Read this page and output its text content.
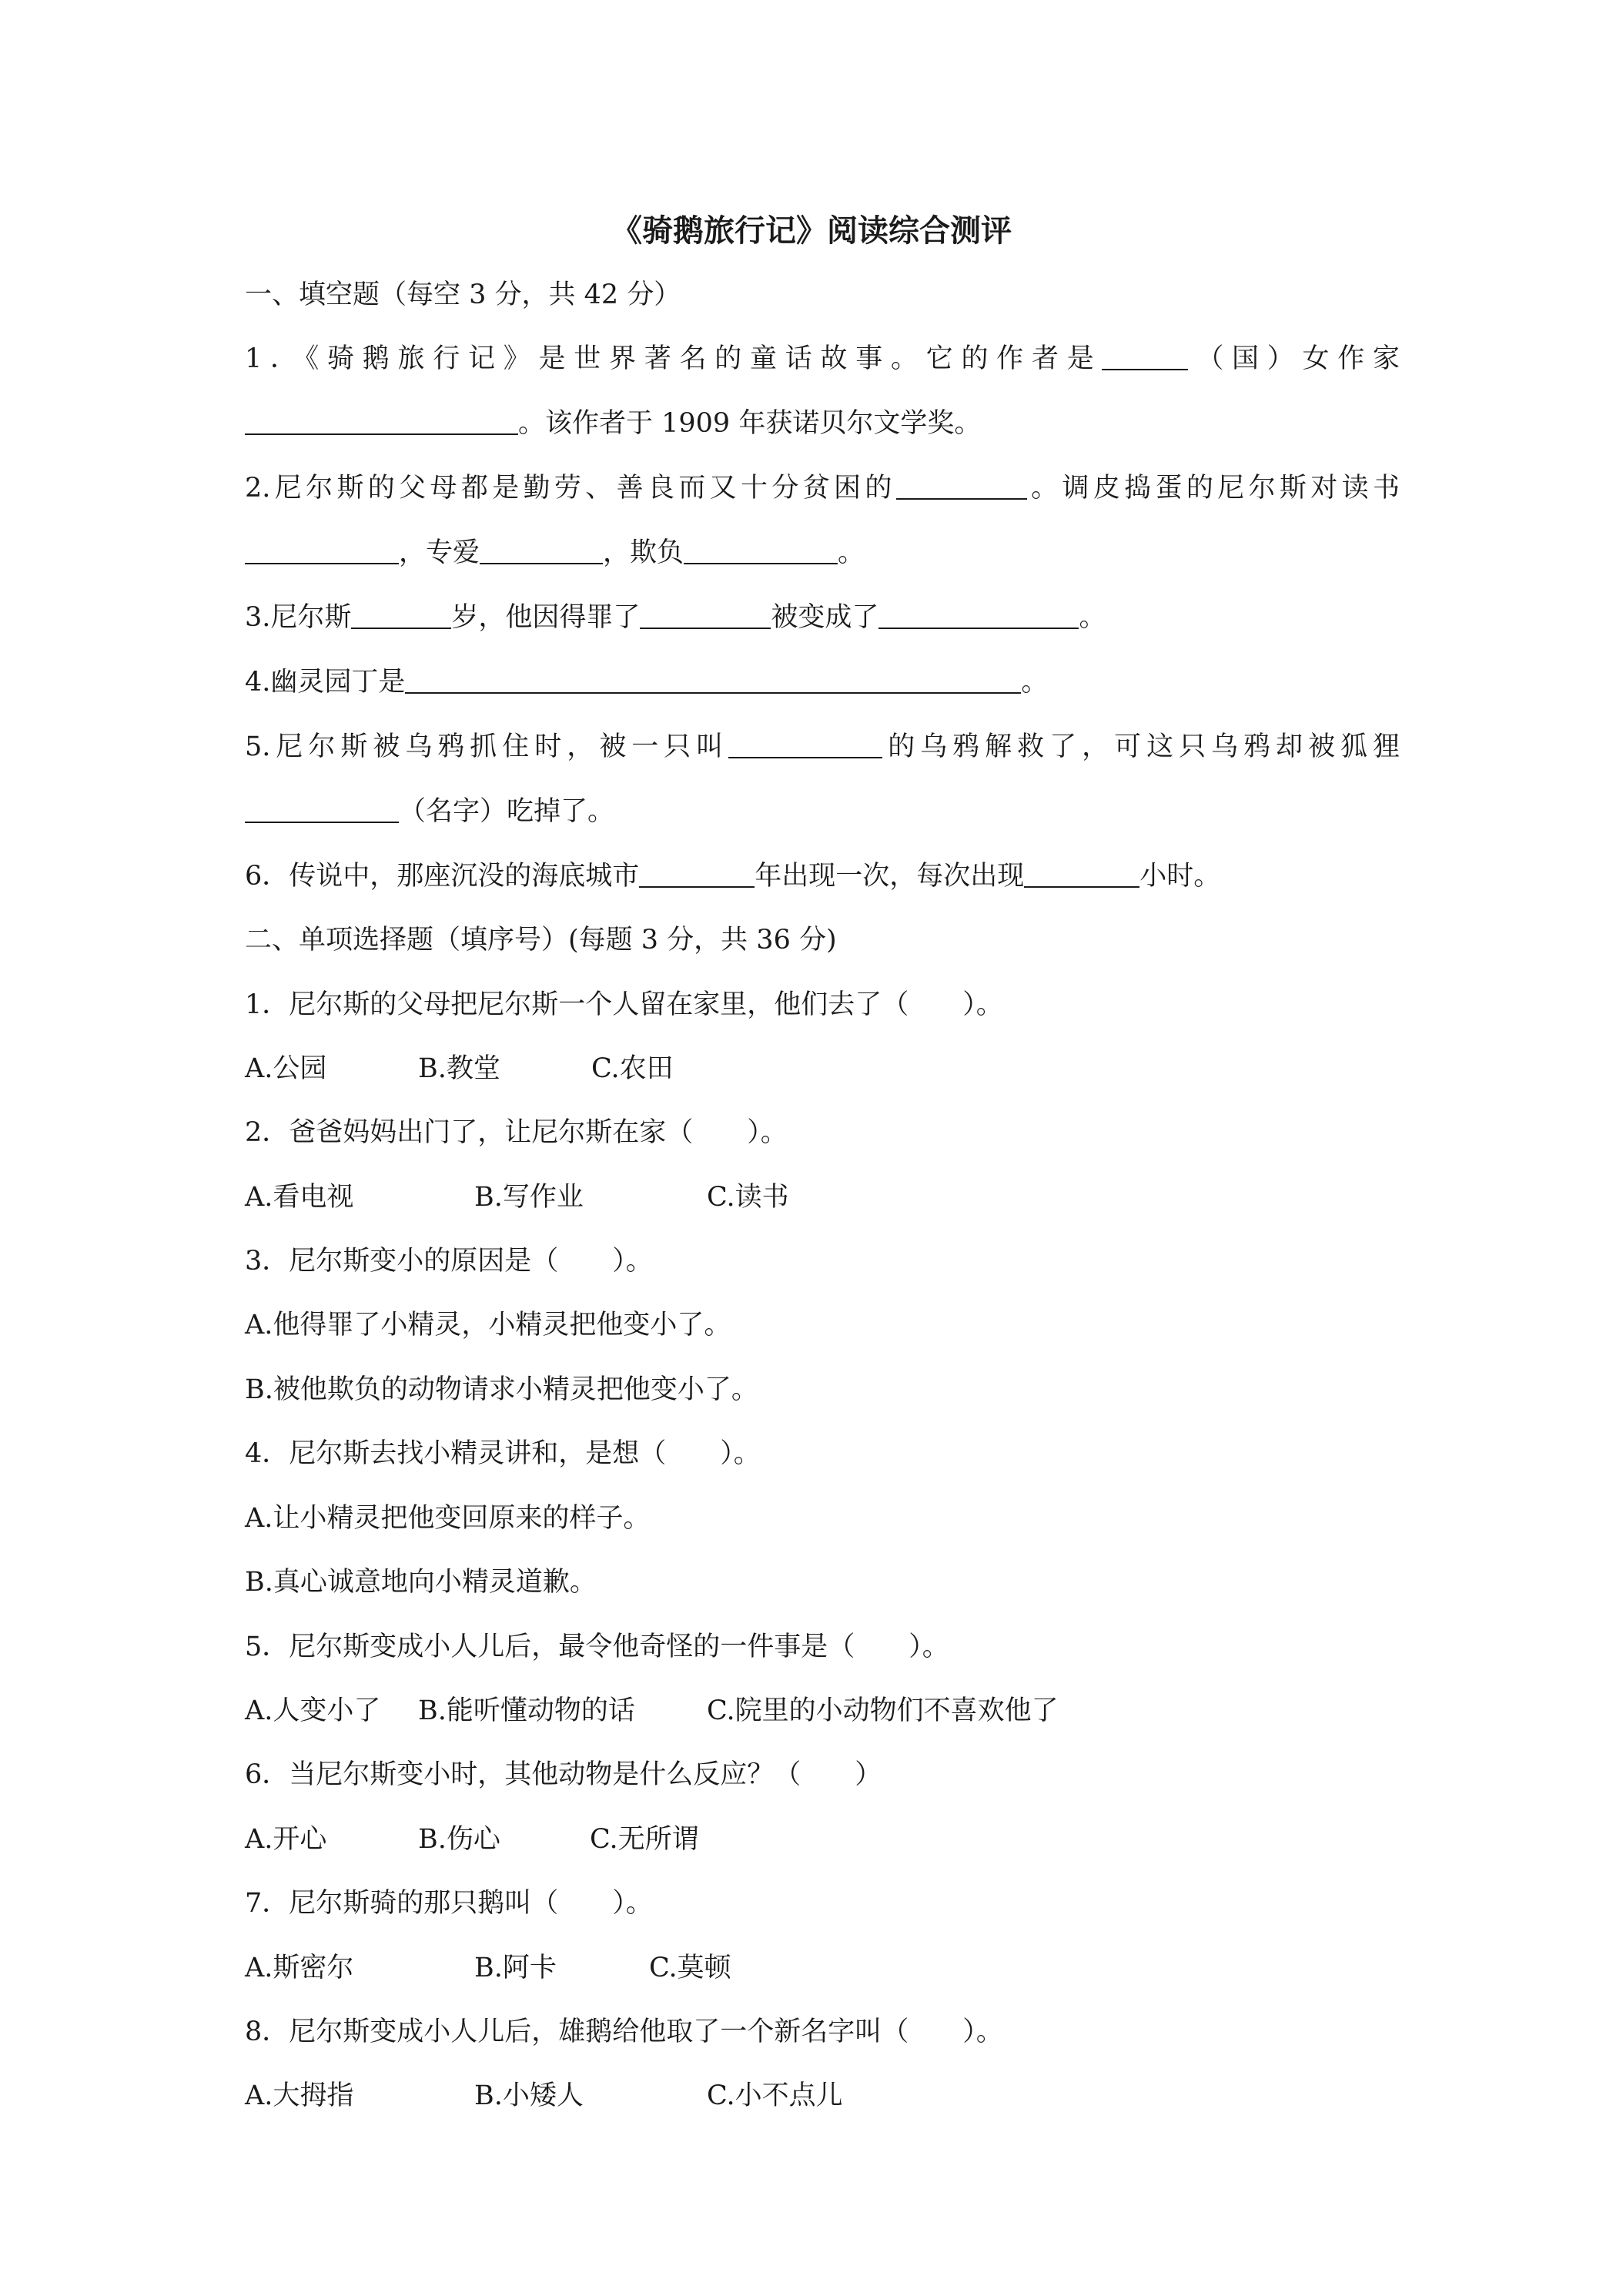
《骑鹅旅行记》阅读综合测评
一、填空题（每空 3 分，共 42 分）
1．《骑鹅旅行记》是世界著名的童话故事。它的作者是	（国）女作家
。该作者于 1909 年获诺贝尔文学奖。
2.尼尔斯的父母都是勤劳、善良而又十分贫困的	。调皮捣蛋的尼尔斯对读书
，专爱	，欺负	。
3.尼尔斯	岁，他因得罪了	被变成了	。
4.幽灵园丁是	。
5.尼尔斯被乌鸦抓住时，被一只叫	的乌鸦解救了，可这只乌鸦却被狐狸
（名字）吃掉了。
6．传说中，那座沉没的海底城市	年出现一次，每次出现	小时。
二、单项选择题（填序号）(每题 3 分，共 36 分)
1．尼尔斯的父母把尼尔斯一个人留在家里，他们去了（　　）。
A.公园	B.教堂	C.农田
2．爸爸妈妈出门了，让尼尔斯在家（　　）。
A.看电视	B.写作业	C.读书
3．尼尔斯变小的原因是（　　）。
A.他得罪了小精灵，小精灵把他变小了。
B.被他欺负的动物请求小精灵把他变小了。
4．尼尔斯去找小精灵讲和，是想（　　）。
A.让小精灵把他变回原来的样子。
B.真心诚意地向小精灵道歉。
5．尼尔斯变成小人儿后，最令他奇怪的一件事是（　　）。
A.人变小了 B.能听懂动物的话	C.院里的小动物们不喜欢他了
6．当尼尔斯变小时，其他动物是什么反应？（　　）
A.开心	B.伤心	C.无所谓
7．尼尔斯骑的那只鹅叫（　　）。
A.斯密尔	B.阿卡	C.莫顿
8．尼尔斯变成小人儿后，雄鹅给他取了一个新名字叫（　　）。
A.大拇指	B.小矮人	C.小不点儿
